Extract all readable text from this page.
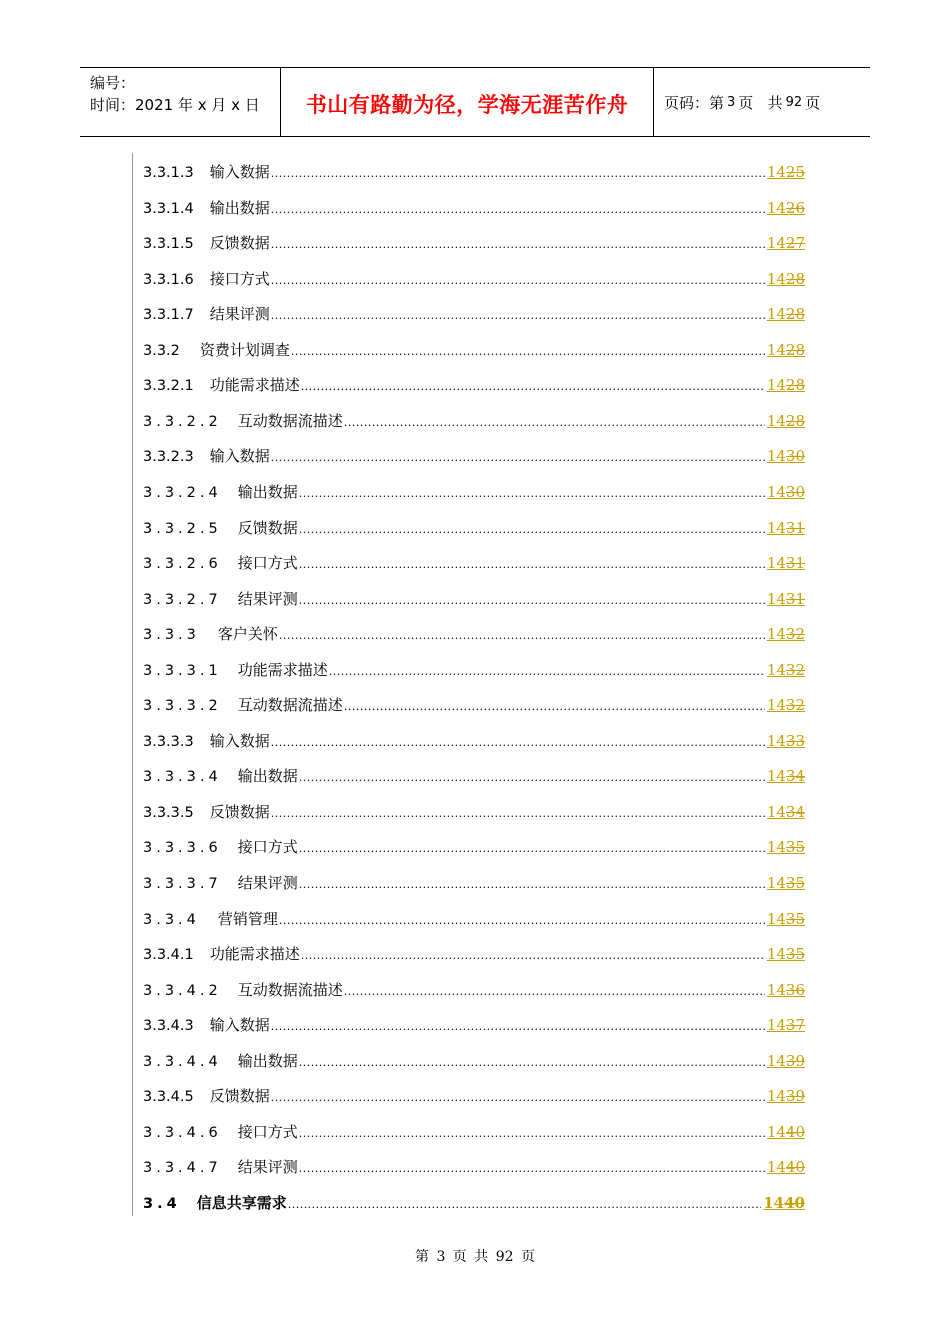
编号：
时间：2021 年 x 月 x 日	书山有路勤为径，学海无涯苦作舟 页码：第 3 页   共 92 页
3.3.1.3 输入数据 .....	1425
3.3.1.4 输出数据 .....	1426
3.3.1.5 反馈数据 .....	1427
3.3.1.6 接口方式 .....	1428
3.3.1.7 结果评测 .....	1428
3.3.2 资费计划调查 .....	1428
3.3.2.1 功能需求描述 .....	1428
3.3.2.2 互动数据流描述 .....	1428
3.3.2.3 输入数据 .....	1430
3.3.2.4 输出数据 .....	1430
3.3.2.5 反馈数据 .....	1431
3.3.2.6 接口方式 .....	1431
3.3.2.7 结果评测 .....	1431
3.3.3 客户关怀 .....	1432
3.3.3.1 功能需求描述 .....	1432
3.3.3.2 互动数据流描述 .....	1432
3.3.3.3 输入数据 .....	1433
3.3.3.4 输出数据 .....	1434
3.3.3.5 反馈数据 .....	1434
3.3.3.6 接口方式 .....	1435
3.3.3.7 结果评测 .....	1435
3.3.4 营销管理 .....	1435
3.3.4.1 功能需求描述 .....	1435
3.3.4.2 互动数据流描述 .....	1436
3.3.4.3 输入数据 .....	1437
3.3.4.4 输出数据 .....	1439
3.3.4.5 反馈数据 .....	1439
3.3.4.6 接口方式 .....	1440
3.3.4.7 结果评测 .....	1440
3.4 信息共享需求 .....	1440
第 3 页 共 92 页
